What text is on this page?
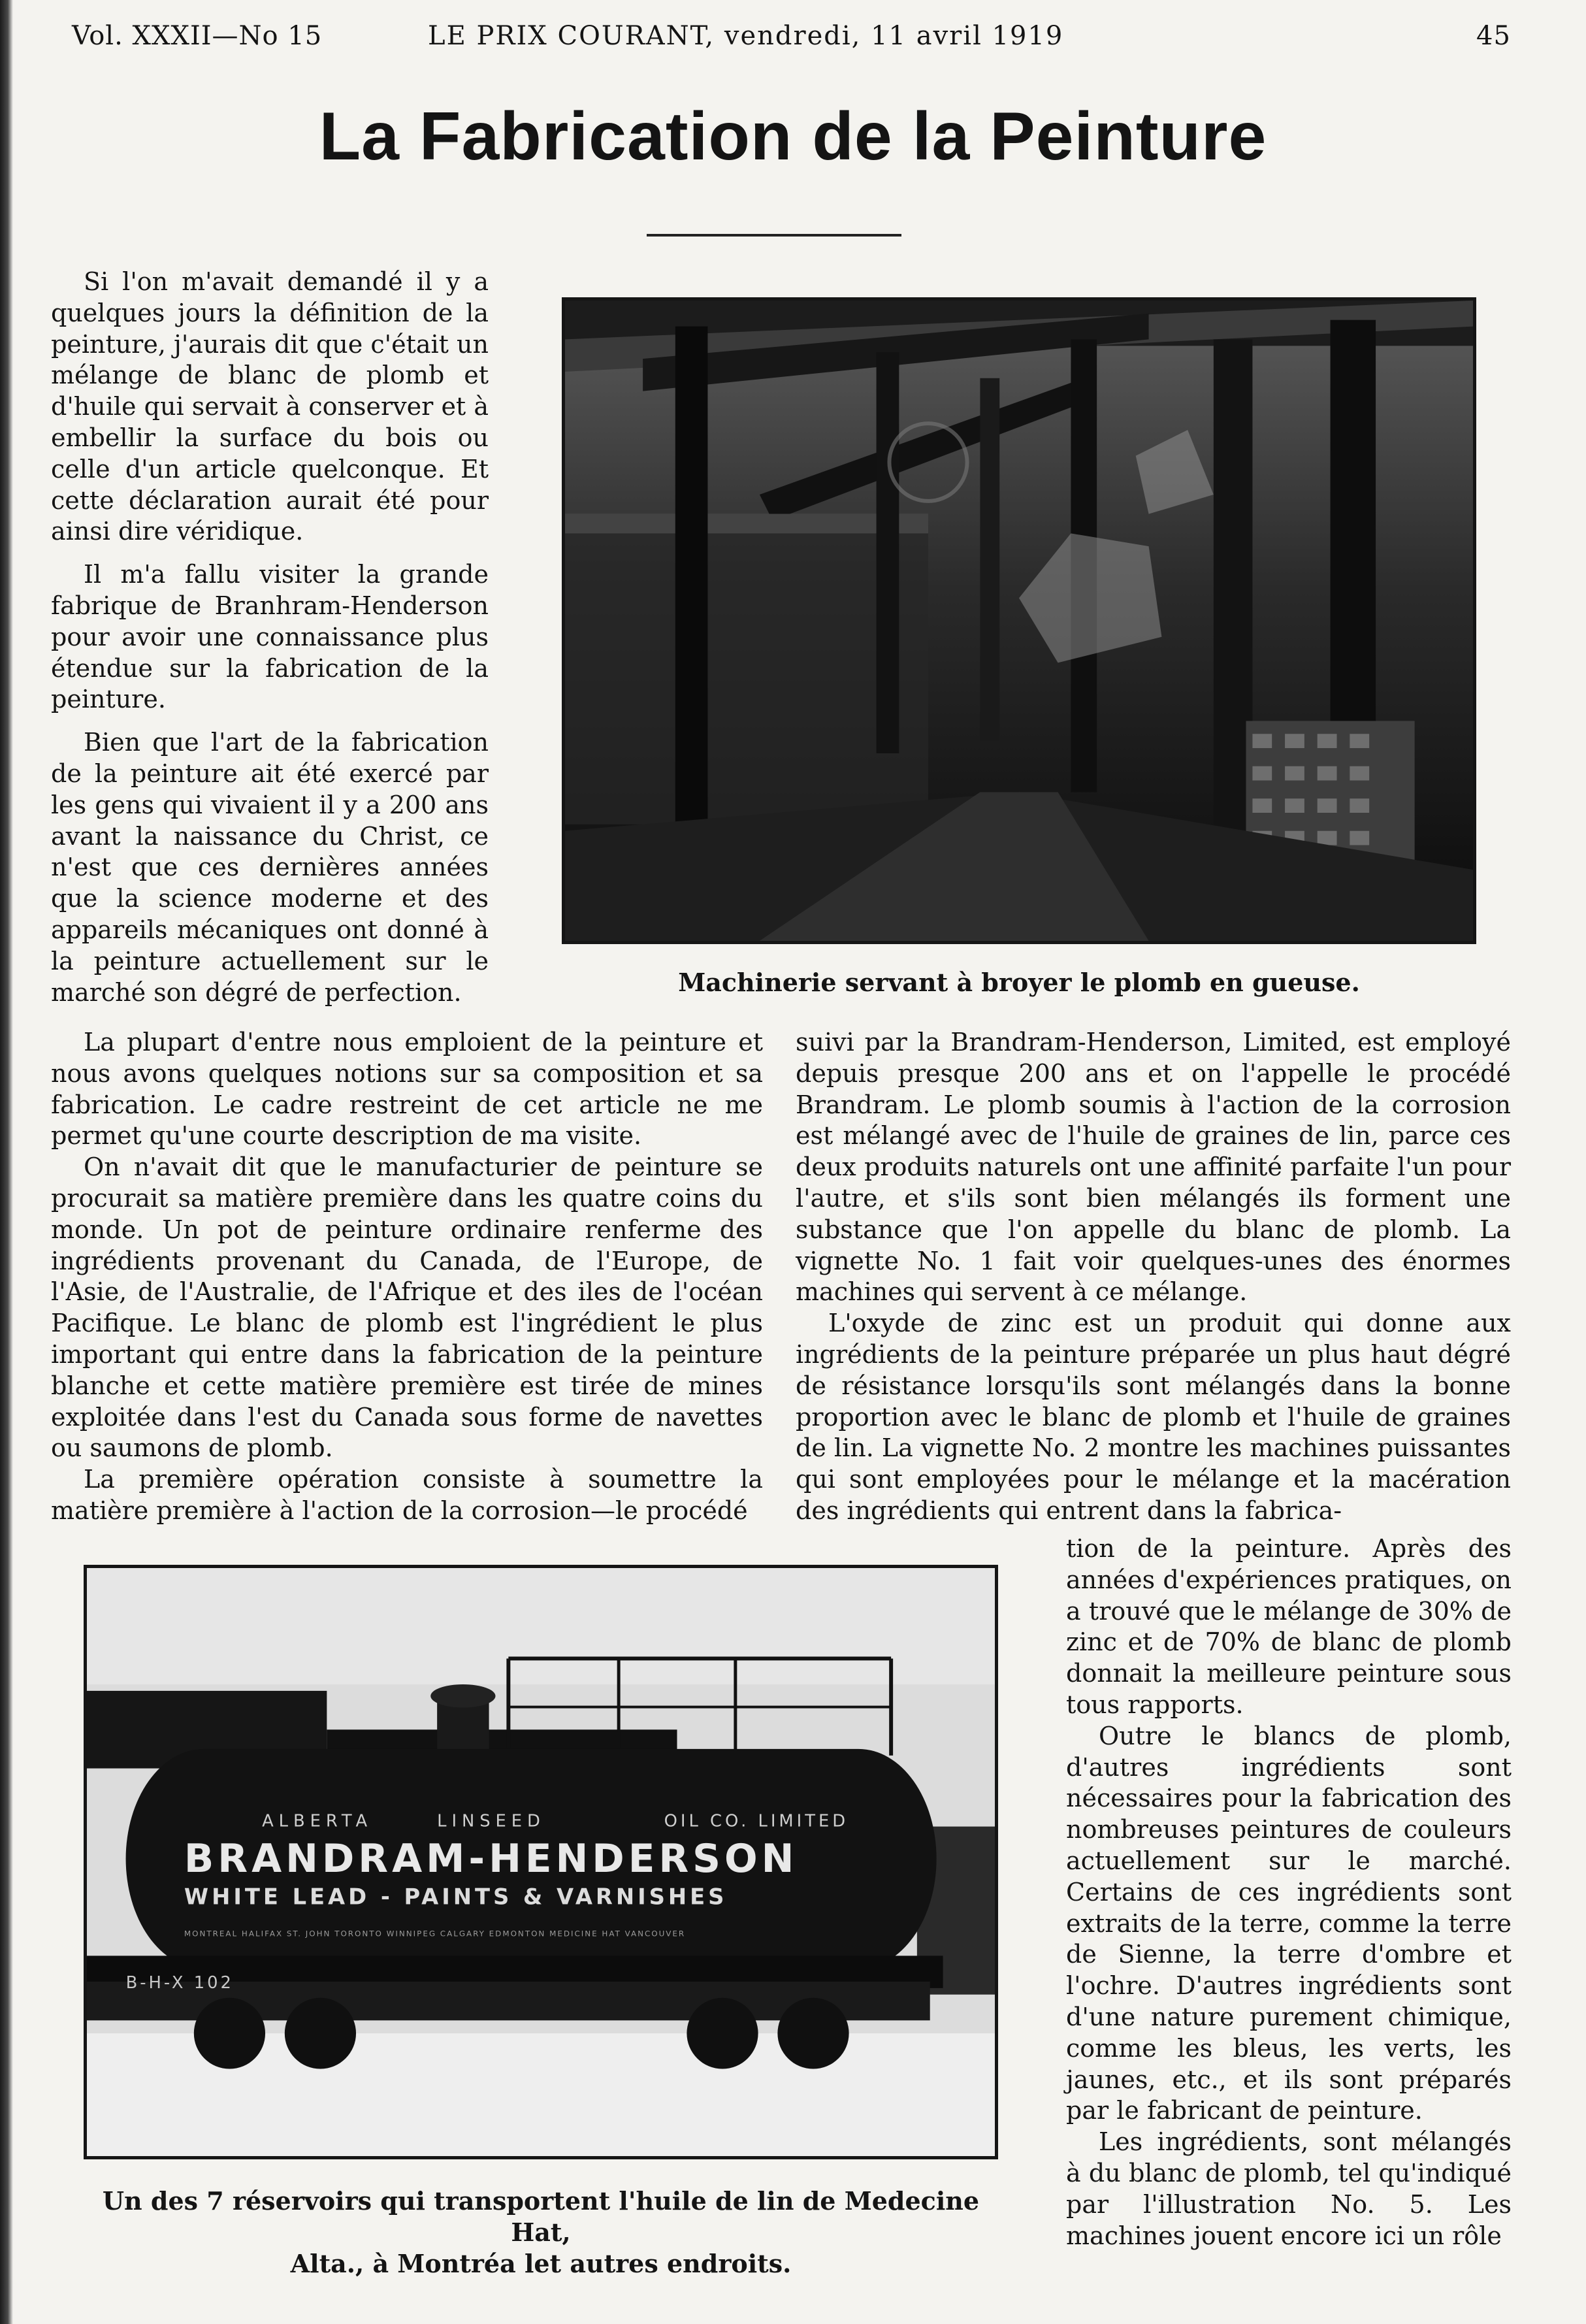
Vol. XXXII—No 15	LE PRIX COURANT, vendredi, 11 avril 1919	45
La Fabrication de la Peinture

Si l'on m'avait demandé il y a quelques jours la définition de la peinture, j'aurais dit que c'était un mélange de blanc de plomb et d'huile qui servait à conserver et à embellir la surface du bois ou celle d'un article quelconque. Et cette déclaration aurait été pour ainsi dire véridique.

Il m'a fallu visiter la grande fabrique de Branhram-Henderson pour avoir une connaissance plus étendue sur la fabrication de la peinture.

Bien que l'art de la fabrication de la peinture ait été exercé par les gens qui vivaient il y a 200 ans avant la naissance du Christ, ce n'est que ces dernières années que la science moderne et des appareils mécaniques ont donné à la peinture actuellement sur le marché son dégré de perfection.	Machinerie servant à broyer le plomb en gueuse.

La plupart d'entre nous emploient de la peinture et nous avons quelques notions sur sa composition et sa fabrication. Le cadre restreint de cet article ne me permet qu'une courte description de ma visite.

On n'avait dit que le manufacturier de peinture se procurait sa matière première dans les quatre coins du monde. Un pot de peinture ordinaire renferme des ingrédients provenant du Canada, de l'Europe, de l'Asie, de l'Australie, de l'Afrique et des iles de l'océan Pacifique. Le blanc de plomb est l'ingrédient le plus important qui entre dans la fabrication de la peinture blanche et cette matière première est tirée de mines exploitée dans l'est du Canada sous forme de navettes ou saumons de plomb.

La première opération consiste à soumettre la matière première à l'action de la corrosion—le procédé

suivi par la Brandram-Henderson, Limited, est employé depuis presque 200 ans et on l'appelle le procédé Brandram. Le plomb soumis à l'action de la corrosion est mélangé avec de l'huile de graines de lin, parce ces deux produits naturels ont une affinité parfaite l'un pour l'autre, et s'ils sont bien mélangés ils forment une substance que l'on appelle du blanc de plomb. La vignette No. 1 fait voir quelques-unes des énormes machines qui servent à ce mélange.

L'oxyde de zinc est un produit qui donne aux ingrédients de la peinture préparée un plus haut dégré de résistance lorsqu'ils sont mélangés dans la bonne proportion avec le blanc de plomb et l'huile de graines de lin. La vignette No. 2 montre les machines puissantes qui sont employées pour le mélange et la macération des ingrédients qui entrent dans la fabrica-

ALBERTA	LINSEED	OIL CO. LIMITED
BRANDRAM-HENDERSON
WHITE LEAD - PAINTS & VARNISHES
MONTREAL HALIFAX ST. JOHN TORONTO WINNIPEG CALGARY EDMONTON MEDICINE HAT VANCOUVER
B-H-X 102
Un des 7 réservoirs qui transportent l'huile de lin de Medecine Hat,
Alta., à Montréa let autres endroits.

tion de la peinture. Après des années d'expériences pratiques, on a trouvé que le mélange de 30% de zinc et de 70% de blanc de plomb donnait la meilleure peinture sous tous rapports.

Outre le blancs de plomb, d'autres ingrédients sont nécessaires pour la fabrication des nombreuses peintures de couleurs actuellement sur le marché. Certains de ces ingrédients sont extraits de la terre, comme la terre de Sienne, la terre d'ombre et l'ochre. D'autres ingrédients sont d'une nature purement chimique, comme les bleus, les verts, les jaunes, etc., et ils sont préparés par le fabricant de peinture.

Les ingrédients, sont mélangés à du blanc de plomb, tel qu'indiqué par l'illustration No. 5. Les machines jouent encore ici un rôle
